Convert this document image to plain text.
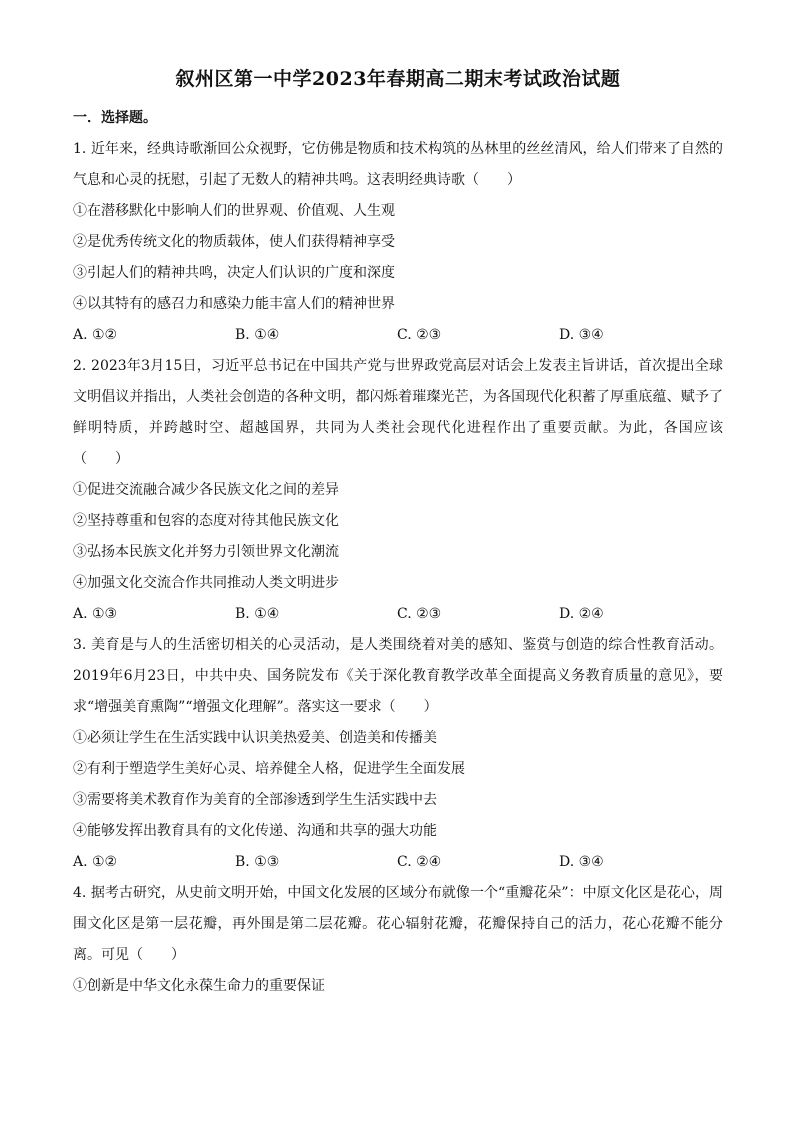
叙州区第一中学2023年春期高二期末考试政治试题

一．选择题。

1. 近年来，经典诗歌渐回公众视野，它仿佛是物质和技术构筑的丛林里的丝丝清风，给人们带来了自然的气息和心灵的抚慰，引起了无数人的精神共鸣。这表明经典诗歌（　　）

①在潜移默化中影响人们的世界观、价值观、人生观

②是优秀传统文化的物质载体，使人们获得精神享受

③引起人们的精神共鸣，决定人们认识的广度和深度

④以其特有的感召力和感染力能丰富人们的精神世界

A. ①②	B. ①④	C. ②③	D. ③④

2. 2023年3月15日，习近平总书记在中国共产党与世界政党高层对话会上发表主旨讲话，首次提出全球文明倡议并指出，人类社会创造的各种文明，都闪烁着璀璨光芒，为各国现代化积蓄了厚重底蕴、赋予了鲜明特质，并跨越时空、超越国界，共同为人类社会现代化进程作出了重要贡献。为此，各国应该（　　）

①促进交流融合减少各民族文化之间的差异

②坚持尊重和包容的态度对待其他民族文化

③弘扬本民族文化并努力引领世界文化潮流

④加强文化交流合作共同推动人类文明进步

A. ①③	B. ①④	C. ②③	D. ②④

3. 美育是与人的生活密切相关的心灵活动，是人类围绕着对美的感知、鉴赏与创造的综合性教育活动。2019年6月23日，中共中央、国务院发布《关于深化教育教学改革全面提高义务教育质量的意见》，要求“增强美育熏陶”“增强文化理解”。落实这一要求（　　）

①必须让学生在生活实践中认识美热爱美、创造美和传播美

②有利于塑造学生美好心灵、培养健全人格，促进学生全面发展

③需要将美术教育作为美育的全部渗透到学生生活实践中去

④能够发挥出教育具有的文化传递、沟通和共享的强大功能

A. ①②	B. ①③	C. ②④	D. ③④

4. 据考古研究，从史前文明开始，中国文化发展的区域分布就像一个“重瓣花朵”：中原文化区是花心，周围文化区是第一层花瓣，再外围是第二层花瓣。花心辐射花瓣，花瓣保持自己的活力，花心花瓣不能分离。可见（　　）

①创新是中华文化永葆生命力的重要保证
